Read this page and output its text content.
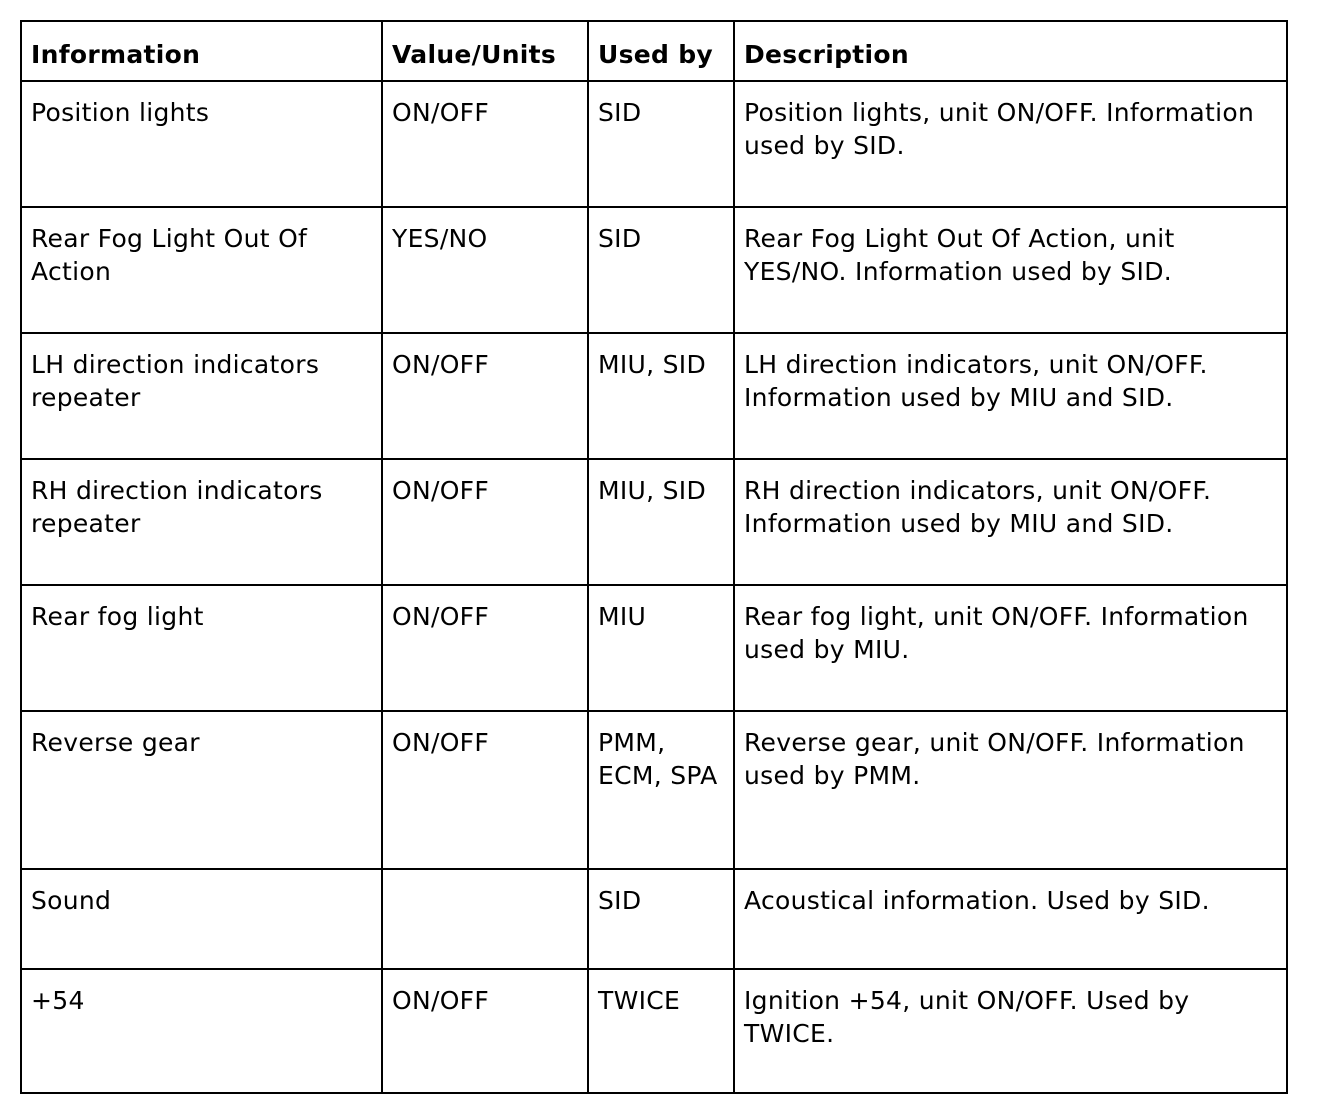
Information	Value/Units	Used by	Description
Position lights	ON/OFF	SID	Position lights, unit ON/OFF. Information used by SID.
Rear Fog Light Out Of Action	YES/NO	SID	Rear Fog Light Out Of Action, unit YES/NO. Information used by SID.
LH direction indicators repeater	ON/OFF	MIU, SID	LH direction indicators, unit ON/OFF. Information used by MIU and SID.
RH direction indicators repeater	ON/OFF	MIU, SID	RH direction indicators, unit ON/OFF. Information used by MIU and SID.
Rear fog light	ON/OFF	MIU	Rear fog light, unit ON/OFF. Information used by MIU.
Reverse gear	ON/OFF	PMM, ECM, SPA	Reverse gear, unit ON/OFF. Information used by PMM.
Sound		SID	Acoustical information. Used by SID.
+54	ON/OFF	TWICE	Ignition +54, unit ON/OFF. Used by TWICE.
